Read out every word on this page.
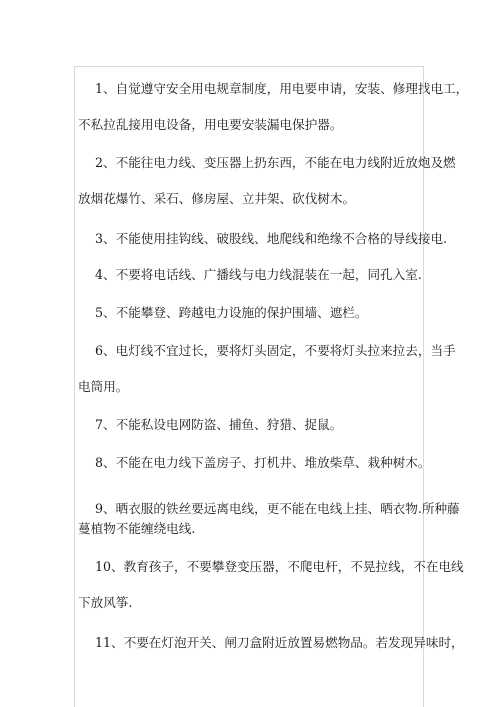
1、自觉遵守安全用电规章制度，用电要申请，安装、修理找电工，
不私拉乱接用电设备，用电要安装漏电保护器。
2、不能往电力线、变压器上扔东西，不能在电力线附近放炮及燃
放烟花爆竹、采石、修房屋、立井架、砍伐树木。
3、不能使用挂钩线、破股线、地爬线和绝缘不合格的导线接电.
4、不要将电话线、广播线与电力线混装在一起，同孔入室.
5、不能攀登、跨越电力设施的保护围墙、遮栏。
6、电灯线不宜过长，要将灯头固定，不要将灯头拉来拉去，当手
电筒用。
7、不能私设电网防盗、捕鱼、狩猎、捉鼠。
8、不能在电力线下盖房子、打机井、堆放柴草、栽种树木。
9、晒衣服的铁丝要远离电线，更不能在电线上挂、晒衣物.所种藤
蔓植物不能缠绕电线.
10、教育孩子，不要攀登变压器，不爬电杆，不晃拉线，不在电线
下放风筝.
11、不要在灯泡开关、闸刀盒附近放置易燃物品。若发现异味时，
